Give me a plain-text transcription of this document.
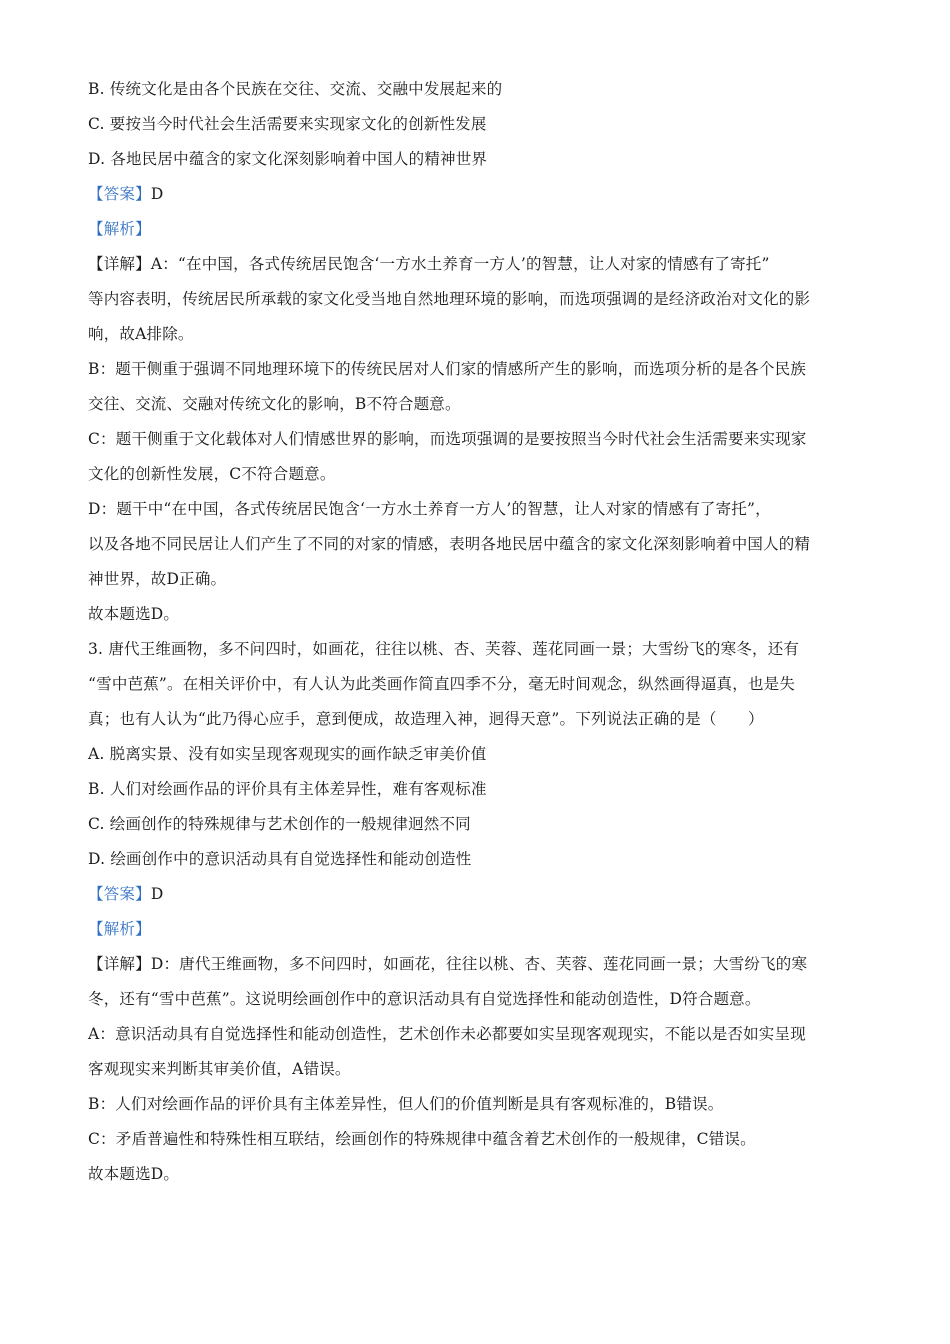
B. 传统文化是由各个民族在交往、交流、交融中发展起来的
C. 要按当今时代社会生活需要来实现家文化的创新性发展
D. 各地民居中蕴含的家文化深刻影响着中国人的精神世界
【答案】D
【解析】
【详解】A：“在中国，各式传统居民饱含‘一方水土养育一方人’的智慧，让人对家的情感有了寄托”
等内容表明，传统居民所承载的家文化受当地自然地理环境的影响，而选项强调的是经济政治对文化的影
响，故A排除。
B：题干侧重于强调不同地理环境下的传统民居对人们家的情感所产生的影响，而选项分析的是各个民族
交往、交流、交融对传统文化的影响，B不符合题意。
C：题干侧重于文化载体对人们情感世界的影响，而选项强调的是要按照当今时代社会生活需要来实现家
文化的创新性发展，C不符合题意。
D：题干中“在中国，各式传统居民饱含‘一方水土养育一方人’的智慧，让人对家的情感有了寄托”，
以及各地不同民居让人们产生了不同的对家的情感，表明各地民居中蕴含的家文化深刻影响着中国人的精
神世界，故D正确。
故本题选D。
3. 唐代王维画物，多不问四时，如画花，往往以桃、杏、芙蓉、莲花同画一景；大雪纷飞的寒冬，还有
“雪中芭蕉”。在相关评价中，有人认为此类画作简直四季不分，毫无时间观念，纵然画得逼真，也是失
真；也有人认为“此乃得心应手，意到便成，故造理入神，迥得天意”。下列说法正确的是（　　）
A. 脱离实景、没有如实呈现客观现实的画作缺乏审美价值
B. 人们对绘画作品的评价具有主体差异性，难有客观标准
C. 绘画创作的特殊规律与艺术创作的一般规律迥然不同
D. 绘画创作中的意识活动具有自觉选择性和能动创造性
【答案】D
【解析】
【详解】D：唐代王维画物，多不问四时，如画花，往往以桃、杏、芙蓉、莲花同画一景；大雪纷飞的寒
冬，还有“雪中芭蕉”。这说明绘画创作中的意识活动具有自觉选择性和能动创造性，D符合题意。
A：意识活动具有自觉选择性和能动创造性，艺术创作未必都要如实呈现客观现实，不能以是否如实呈现
客观现实来判断其审美价值，A错误。
B：人们对绘画作品的评价具有主体差异性，但人们的价值判断是具有客观标准的，B错误。
C：矛盾普遍性和特殊性相互联结，绘画创作的特殊规律中蕴含着艺术创作的一般规律，C错误。
故本题选D。
